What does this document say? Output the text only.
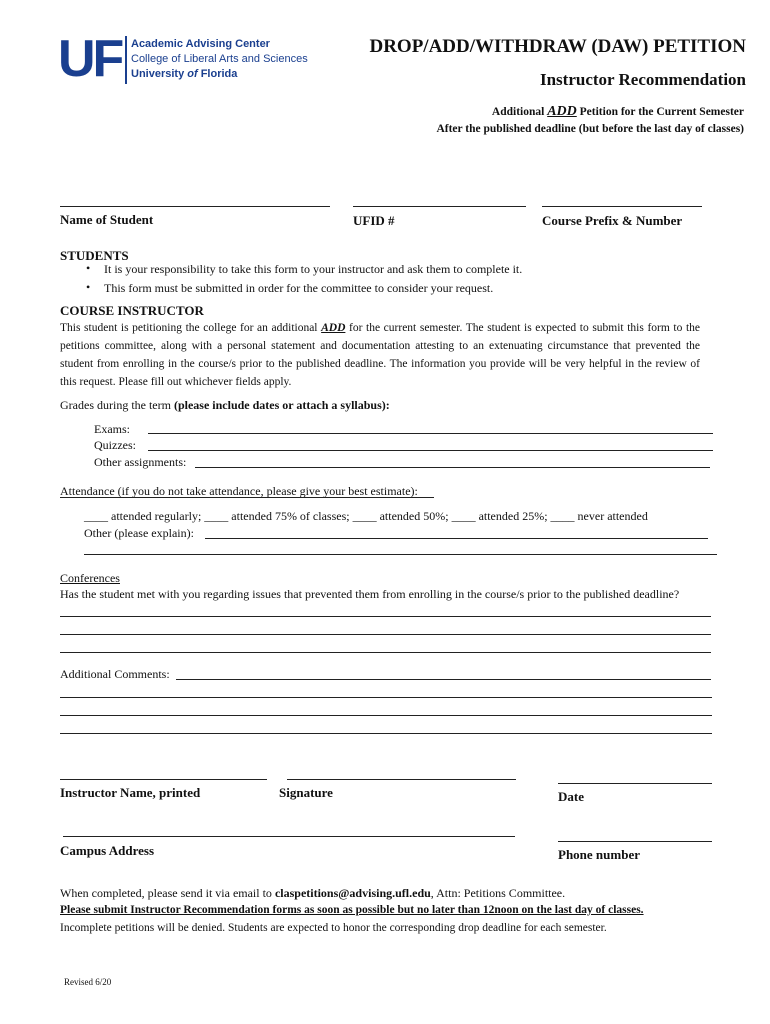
UF Academic Advising Center
College of Liberal Arts and Sciences
University of Florida
DROP/ADD/WITHDRAW (DAW) PETITION
Instructor Recommendation
Additional ADD Petition for the Current Semester
After the published deadline (but before the last day of classes)
Name of Student	UFID #	Course Prefix & Number
STUDENTS
• It is your responsibility to take this form to your instructor and ask them to complete it.
• This form must be submitted in order for the committee to consider your request.
COURSE INSTRUCTOR
This student is petitioning the college for an additional ADD for the current semester. The student is expected to submit this form to the petitions committee, along with a personal statement and documentation attesting to an extenuating circumstance that prevented the student from enrolling in the course/s prior to the published deadline. The information you provide will be very helpful in the review of this request. Please fill out whichever fields apply.
Grades during the term (please include dates or attach a syllabus):
Exams:
Quizzes:
Other assignments:
Attendance (if you do not take attendance, please give your best estimate):
____ attended regularly; ____ attended 75% of classes; ____ attended 50%; ____ attended 25%; ____ never attended
Other (please explain):
Conferences
Has the student met with you regarding issues that prevented them from enrolling in the course/s prior to the published deadline?
Additional Comments:
Instructor Name, printed	Signature	Date
Campus Address	Phone number
When completed, please send it via email to claspetitions@advising.ufl.edu, Attn: Petitions Committee.
Please submit Instructor Recommendation forms as soon as possible but no later than 12noon on the last day of classes.
Incomplete petitions will be denied. Students are expected to honor the corresponding drop deadline for each semester.
Revised 6/20
